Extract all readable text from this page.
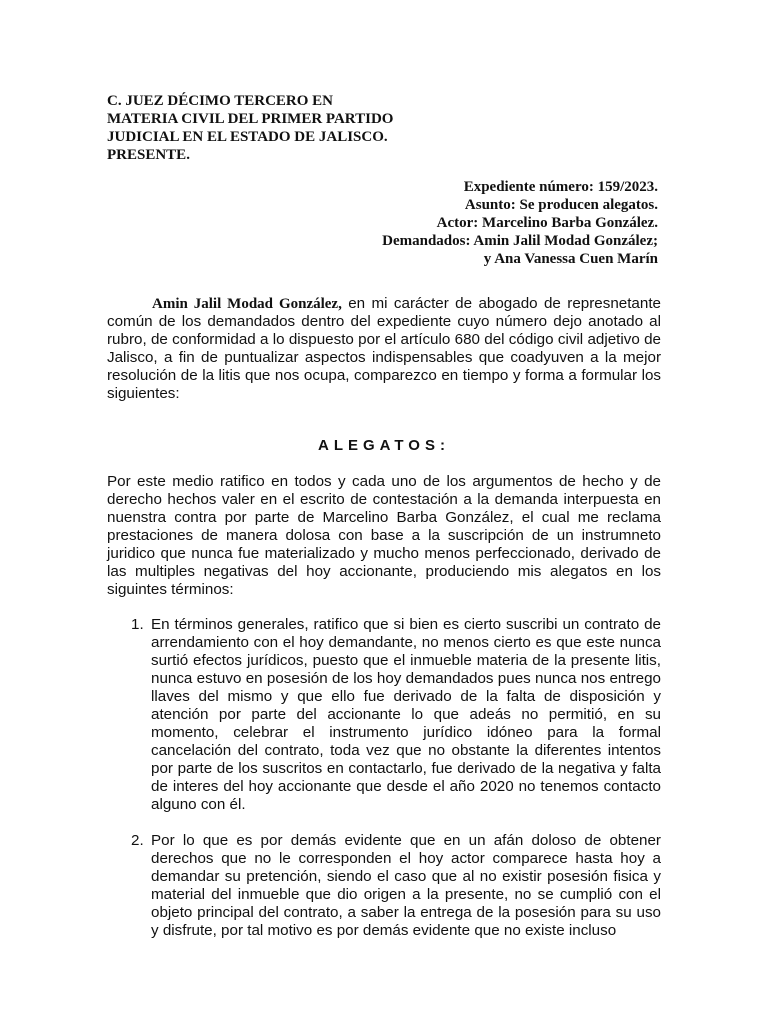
C. JUEZ DÉCIMO TERCERO EN
MATERIA CIVIL DEL PRIMER PARTIDO
JUDICIAL EN EL ESTADO DE JALISCO.
PRESENTE.
Expediente número: 159/2023.
Asunto: Se producen alegatos.
Actor: Marcelino Barba González.
Demandados: Amin Jalil Modad González;
y Ana Vanessa Cuen Marín

Amin Jalil Modad González, en mi carácter de abogado de represnetante común de los demandados dentro del expediente cuyo número dejo anotado al rubro, de conformidad a lo dispuesto por el artículo 680 del código civil adjetivo de Jalisco, a fin de puntualizar aspectos indispensables que coadyuven a la mejor resolución de la litis que nos ocupa, comparezco en tiempo y forma a formular los siguientes:

ALEGATOS:

Por este medio ratifico en todos y cada uno de los argumentos de hecho y de derecho hechos valer en el escrito de contestación a la demanda interpuesta en nuenstra contra por parte de Marcelino Barba González, el cual me reclama prestaciones de manera dolosa con base a la suscripción de un instrumneto juridico que nunca fue materializado y mucho menos perfeccionado, derivado de las multiples negativas del hoy accionante, produciendo mis alegatos en los siguintes términos:

1. En términos generales, ratifico que si bien es cierto suscribi un contrato de arrendamiento con el hoy demandante, no menos cierto es que este nunca surtió efectos jurídicos, puesto que el inmueble materia de la presente litis, nunca estuvo en posesión de los hoy demandados pues nunca nos entrego llaves del mismo y que ello fue derivado de la falta de disposición y atención por parte del accionante lo que adeás no permitió, en su momento, celebrar el instrumento jurídico idóneo para la formal cancelación del contrato, toda vez que no obstante la diferentes intentos por parte de los suscritos en contactarlo, fue derivado de la negativa y falta de interes del hoy accionante que desde el año 2020 no tenemos contacto alguno con él.
2. Por lo que es por demás evidente que en un afán doloso de obtener derechos que no le corresponden el hoy actor comparece hasta hoy a demandar su pretención, siendo el caso que al no existir posesión fisica y material del inmueble que dio origen a la presente, no se cumplió con el objeto principal del contrato, a saber la entrega de la posesión para su uso y disfrute, por tal motivo es por demás evidente que no existe incluso
